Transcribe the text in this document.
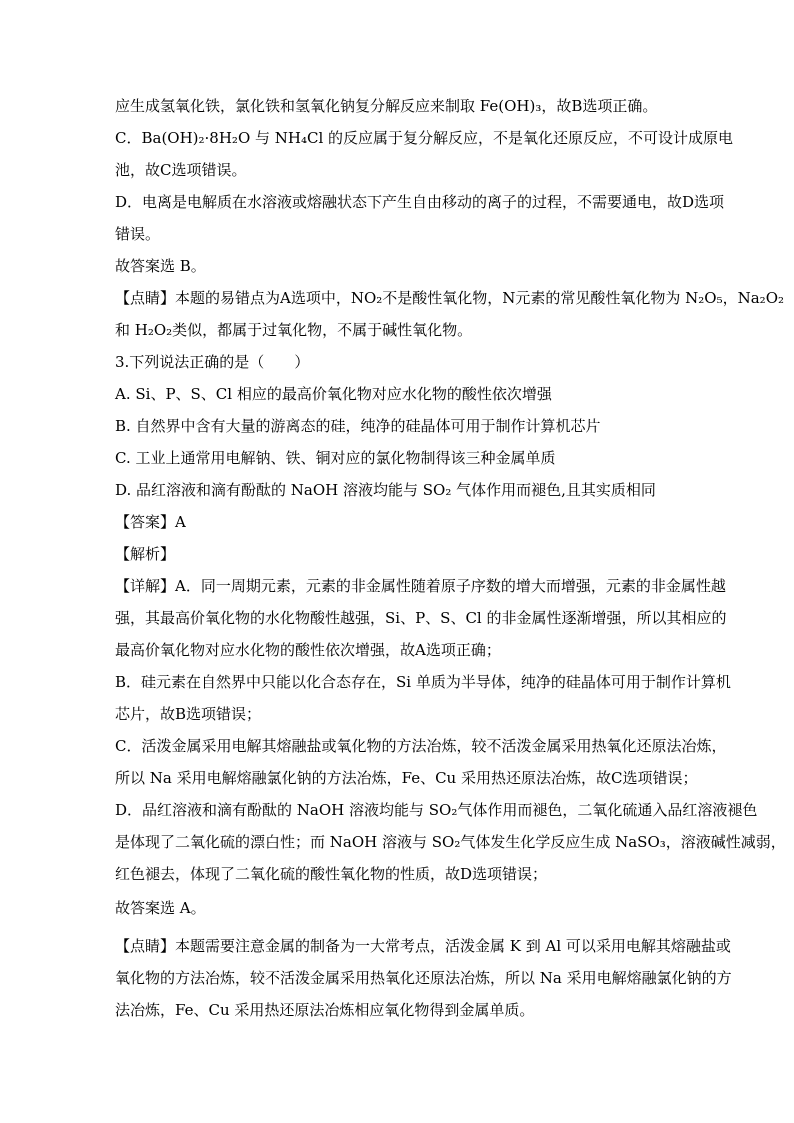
应生成氢氧化铁，氯化铁和氢氧化钠复分解反应来制取 Fe(OH)₃，故B选项正确。

C．Ba(OH)₂·8H₂O 与 NH₄Cl 的反应属于复分解反应，不是氧化还原反应，不可设计成原电

池，故C选项错误。

D．电离是电解质在水溶液或熔融状态下产生自由移动的离子的过程，不需要通电，故D选项

错误。

故答案选 B。

【点睛】本题的易错点为A选项中，NO₂不是酸性氧化物，N元素的常见酸性氧化物为 N₂O₅，Na₂O₂

和 H₂O₂类似，都属于过氧化物，不属于碱性氧化物。

3.下列说法正确的是（　　）

A. Si、P、S、Cl 相应的最高价氧化物对应水化物的酸性依次增强

B. 自然界中含有大量的游离态的硅，纯净的硅晶体可用于制作计算机芯片

C. 工业上通常用电解钠、铁、铜对应的氯化物制得该三种金属单质

D. 品红溶液和滴有酚酞的 NaOH 溶液均能与 SO₂ 气体作用而褪色,且其实质相同

【答案】A

【解析】

【详解】A．同一周期元素，元素的非金属性随着原子序数的增大而增强，元素的非金属性越

强，其最高价氧化物的水化物酸性越强，Si、P、S、Cl 的非金属性逐渐增强，所以其相应的

最高价氧化物对应水化物的酸性依次增强，故A选项正确；

B．硅元素在自然界中只能以化合态存在，Si 单质为半导体，纯净的硅晶体可用于制作计算机

芯片，故B选项错误；

C．活泼金属采用电解其熔融盐或氧化物的方法冶炼，较不活泼金属采用热氧化还原法冶炼，

所以 Na 采用电解熔融氯化钠的方法冶炼，Fe、Cu 采用热还原法冶炼，故C选项错误；

D．品红溶液和滴有酚酞的 NaOH 溶液均能与 SO₂气体作用而褪色，二氧化硫通入品红溶液褪色

是体现了二氧化硫的漂白性；而 NaOH 溶液与 SO₂气体发生化学反应生成 NaSO₃，溶液碱性减弱，

红色褪去，体现了二氧化硫的酸性氧化物的性质，故D选项错误；

故答案选 A。

【点睛】本题需要注意金属的制备为一大常考点，活泼金属 K 到 Al 可以采用电解其熔融盐或

氧化物的方法冶炼，较不活泼金属采用热氧化还原法冶炼，所以 Na 采用电解熔融氯化钠的方

法冶炼，Fe、Cu 采用热还原法冶炼相应氧化物得到金属单质。
